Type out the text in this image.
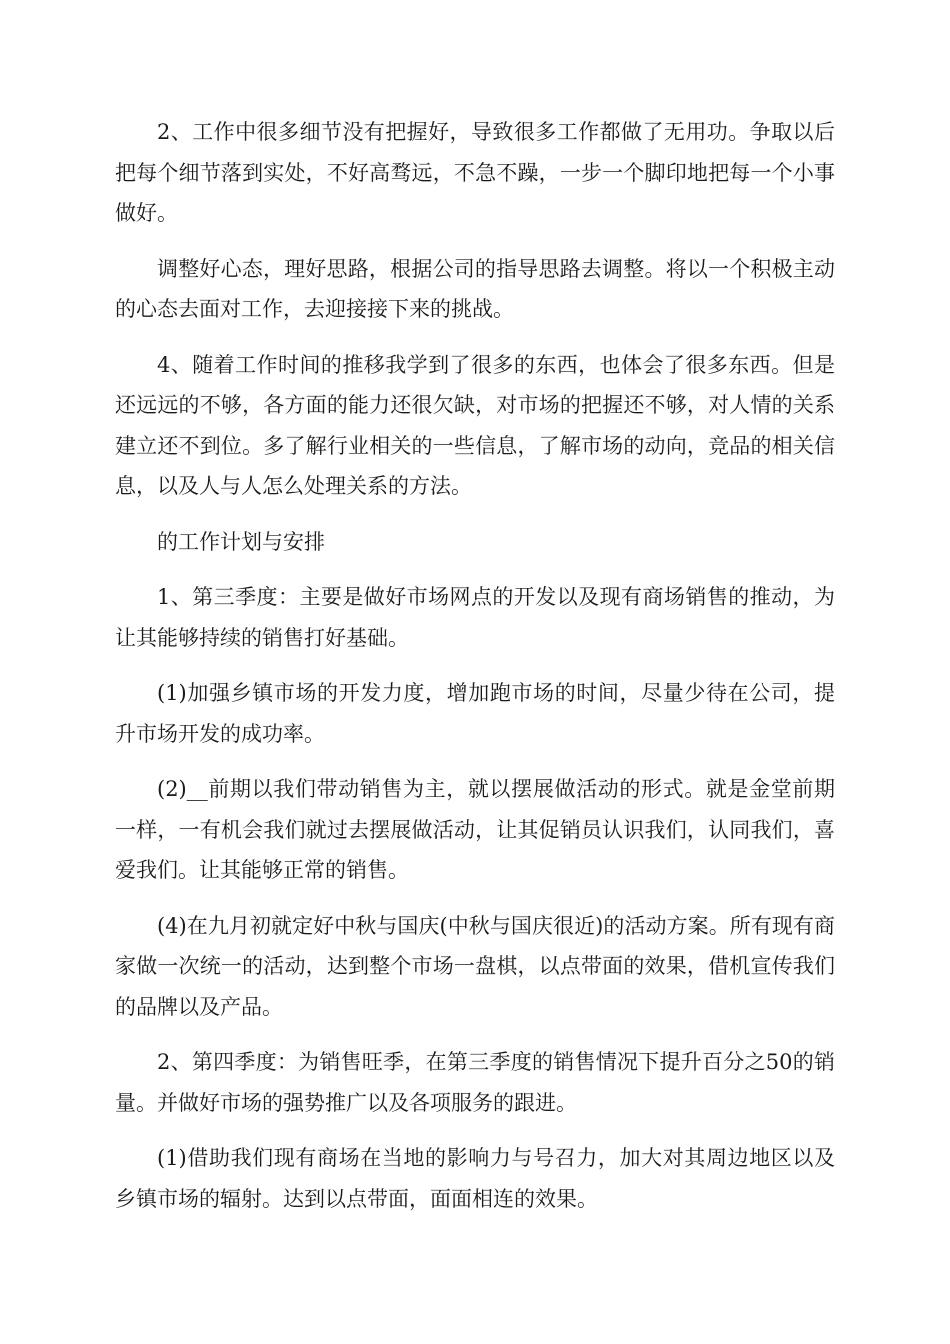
2、工作中很多细节没有把握好，导致很多工作都做了无用功。争取以后把每个细节落到实处，不好高骛远，不急不躁，一步一个脚印地把每一个小事做好。

调整好心态，理好思路，根据公司的指导思路去调整。将以一个积极主动的心态去面对工作，去迎接接下来的挑战。

4、随着工作时间的推移我学到了很多的东西，也体会了很多东西。但是还远远的不够，各方面的能力还很欠缺，对市场的把握还不够，对人情的关系建立还不到位。多了解行业相关的一些信息，了解市场的动向，竞品的相关信息，以及人与人怎么处理关系的方法。

的工作计划与安排

1、第三季度：主要是做好市场网点的开发以及现有商场销售的推动，为让其能够持续的销售打好基础。

(1)加强乡镇市场的开发力度，增加跑市场的时间，尽量少待在公司，提升市场开发的成功率。

(2)__前期以我们带动销售为主，就以摆展做活动的形式。就是金堂前期一样，一有机会我们就过去摆展做活动，让其促销员认识我们，认同我们，喜爱我们。让其能够正常的销售。

(4)在九月初就定好中秋与国庆(中秋与国庆很近)的活动方案。所有现有商家做一次统一的活动，达到整个市场一盘棋，以点带面的效果，借机宣传我们的品牌以及产品。

2、第四季度：为销售旺季，在第三季度的销售情况下提升百分之50的销量。并做好市场的强势推广以及各项服务的跟进。

(1)借助我们现有商场在当地的影响力与号召力，加大对其周边地区以及乡镇市场的辐射。达到以点带面，面面相连的效果。
